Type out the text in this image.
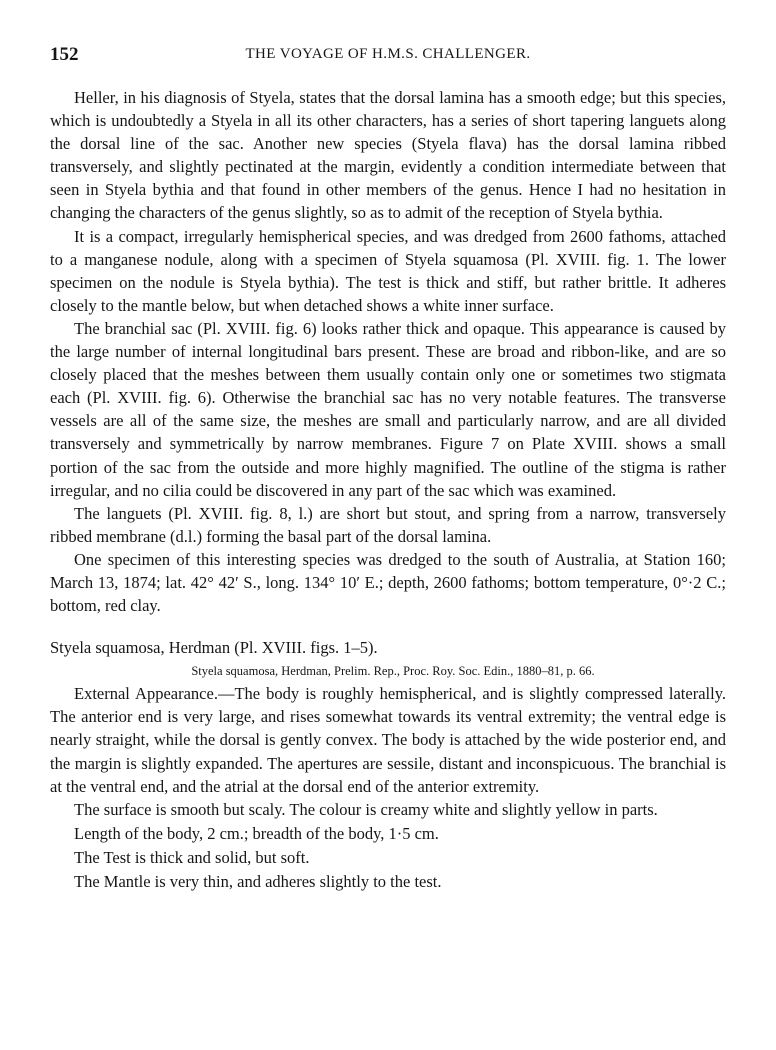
152	THE VOYAGE OF H.M.S. CHALLENGER.

Heller, in his diagnosis of Styela, states that the dorsal lamina has a smooth edge; but this species, which is undoubtedly a Styela in all its other characters, has a series of short tapering languets along the dorsal line of the sac. Another new species (Styela flava) has the dorsal lamina ribbed transversely, and slightly pectinated at the margin, evidently a condition intermediate between that seen in Styela bythia and that found in other members of the genus. Hence I had no hesitation in changing the characters of the genus slightly, so as to admit of the reception of Styela bythia.

It is a compact, irregularly hemispherical species, and was dredged from 2600 fathoms, attached to a manganese nodule, along with a specimen of Styela squamosa (Pl. XVIII. fig. 1. The lower specimen on the nodule is Styela bythia). The test is thick and stiff, but rather brittle. It adheres closely to the mantle below, but when detached shows a white inner surface.

The branchial sac (Pl. XVIII. fig. 6) looks rather thick and opaque. This appearance is caused by the large number of internal longitudinal bars present. These are broad and ribbon-like, and are so closely placed that the meshes between them usually contain only one or sometimes two stigmata each (Pl. XVIII. fig. 6). Otherwise the branchial sac has no very notable features. The transverse vessels are all of the same size, the meshes are small and particularly narrow, and are all divided transversely and symmetrically by narrow membranes. Figure 7 on Plate XVIII. shows a small portion of the sac from the outside and more highly magnified. The outline of the stigma is rather irregular, and no cilia could be discovered in any part of the sac which was examined.

The languets (Pl. XVIII. fig. 8, l.) are short but stout, and spring from a narrow, transversely ribbed membrane (d.l.) forming the basal part of the dorsal lamina.

One specimen of this interesting species was dredged to the south of Australia, at Station 160; March 13, 1874; lat. 42° 42′ S., long. 134° 10′ E.; depth, 2600 fathoms; bottom temperature, 0°·2 C.; bottom, red clay.

Styela squamosa, Herdman (Pl. XVIII. figs. 1–5).

Styela squamosa, Herdman, Prelim. Rep., Proc. Roy. Soc. Edin., 1880–81, p. 66.

External Appearance.—The body is roughly hemispherical, and is slightly compressed laterally. The anterior end is very large, and rises somewhat towards its ventral extremity; the ventral edge is nearly straight, while the dorsal is gently convex. The body is attached by the wide posterior end, and the margin is slightly expanded. The apertures are sessile, distant and inconspicuous. The branchial is at the ventral end, and the atrial at the dorsal end of the anterior extremity.

The surface is smooth but scaly. The colour is creamy white and slightly yellow in parts.

Length of the body, 2 cm.; breadth of the body, 1·5 cm.

The Test is thick and solid, but soft.

The Mantle is very thin, and adheres slightly to the test.
